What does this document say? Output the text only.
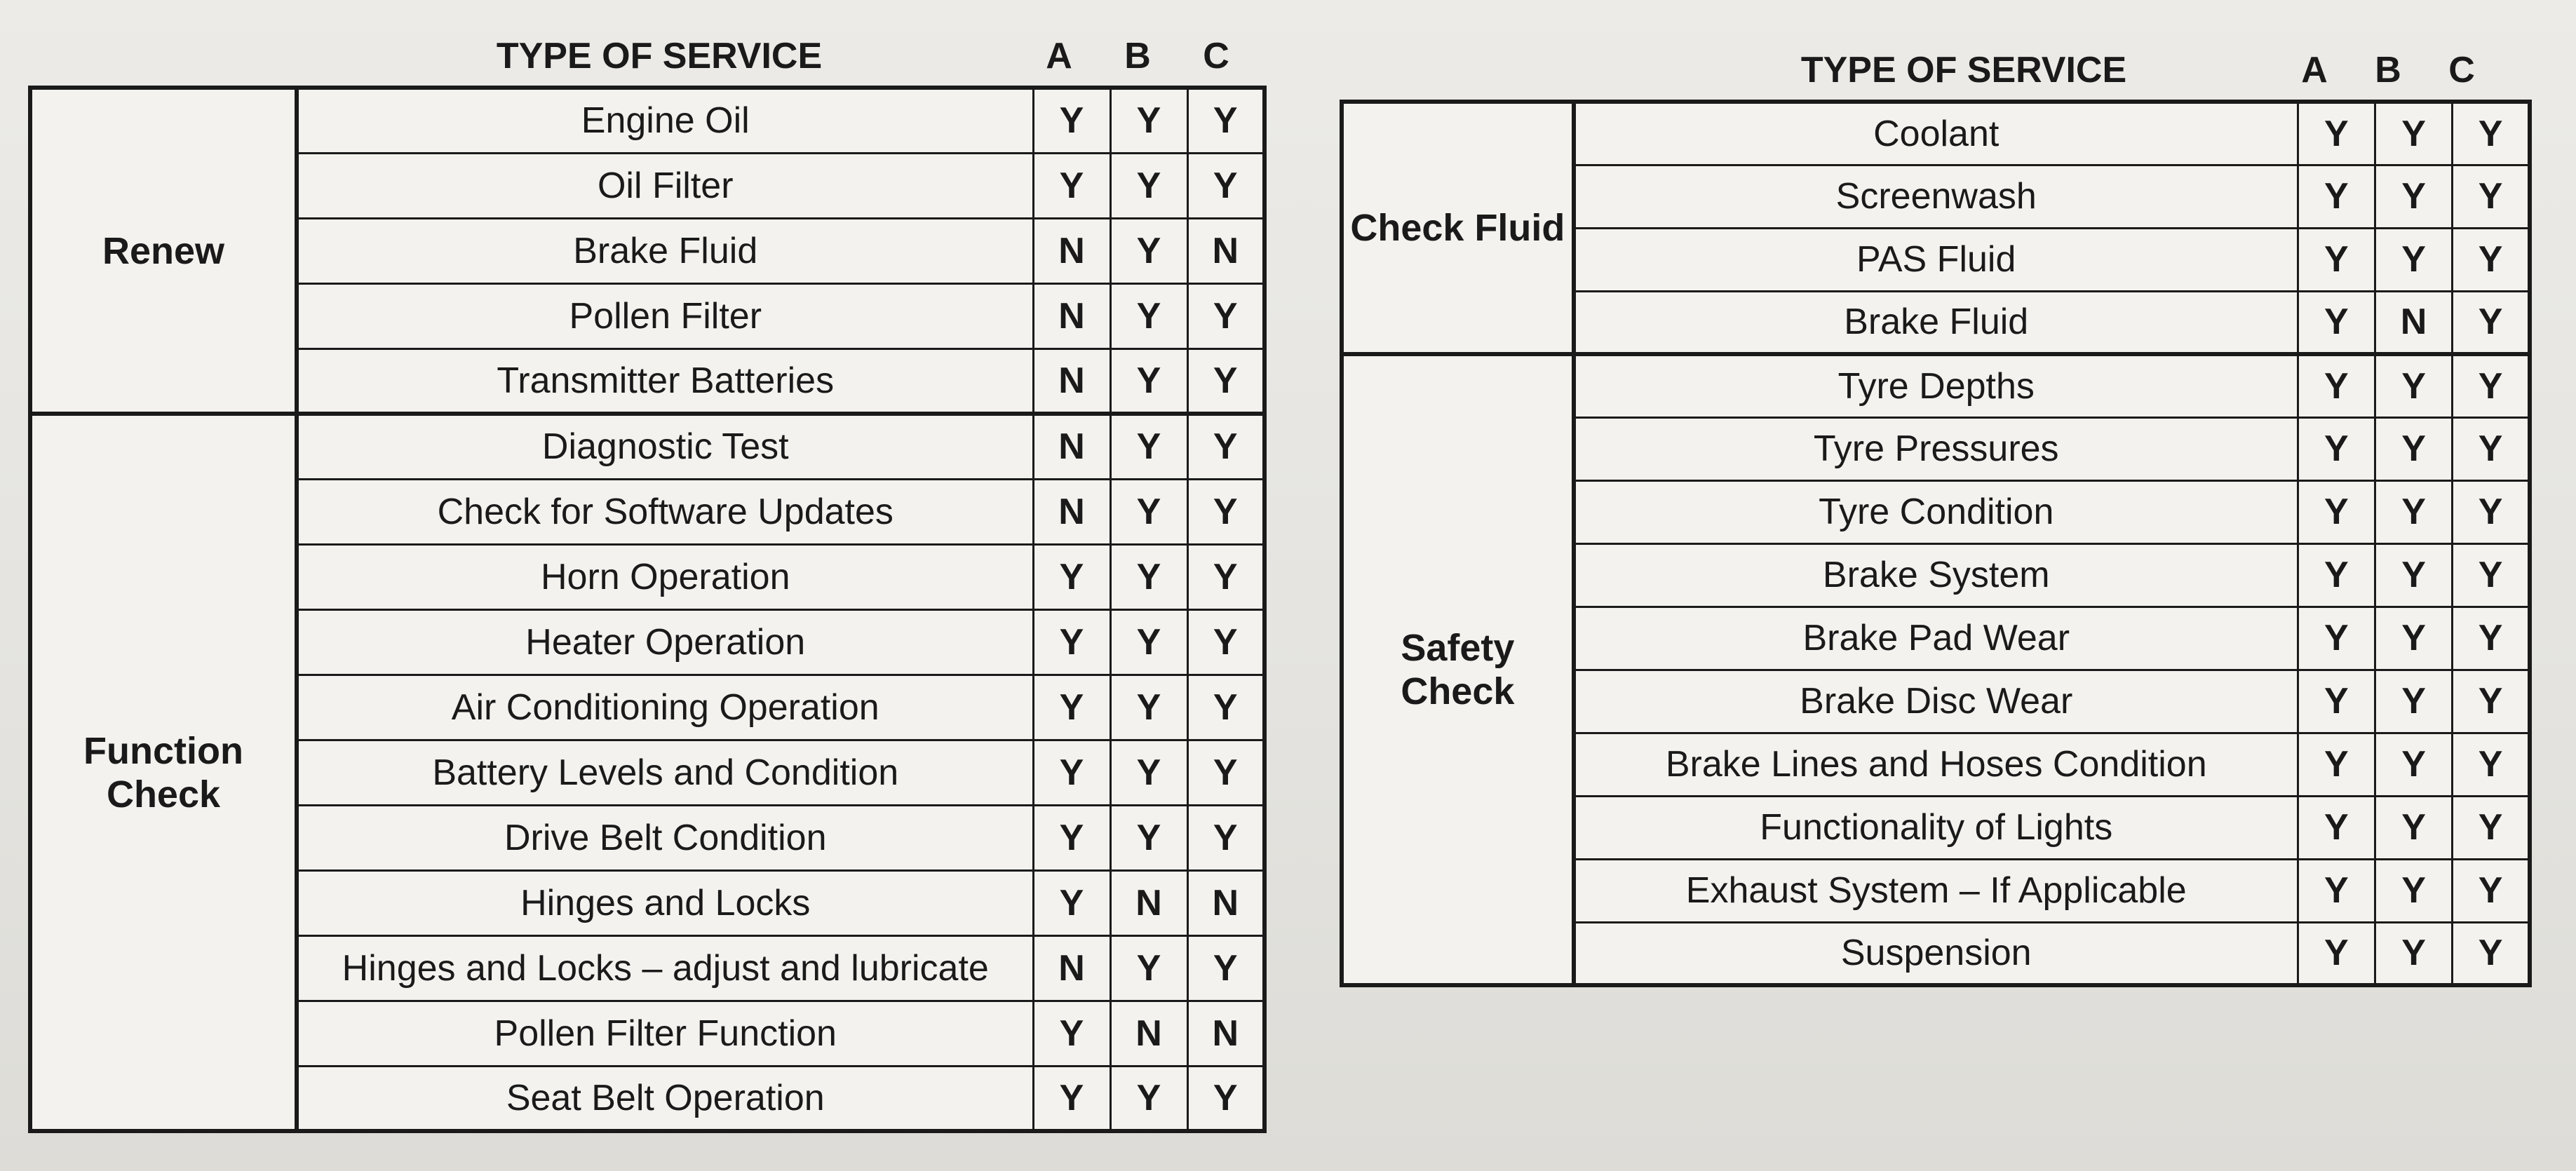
TYPE OF SERVICE	A	B	C
Renew	Engine Oil	Y	Y	Y
	Oil Filter	Y	Y	Y
	Brake Fluid	N	Y	N
	Pollen Filter	N	Y	Y
	Transmitter Batteries	N	Y	Y
Function Check	Diagnostic Test	N	Y	Y
	Check for Software Updates	N	Y	Y
	Horn Operation	Y	Y	Y
	Heater Operation	Y	Y	Y
	Air Conditioning Operation	Y	Y	Y
	Battery Levels and Condition	Y	Y	Y
	Drive Belt Condition	Y	Y	Y
	Hinges and Locks	Y	N	N
	Hinges and Locks – adjust and lubricate	N	Y	Y
	Pollen Filter Function	Y	N	N
	Seat Belt Operation	Y	Y	Y
TYPE OF SERVICE	A	B	C
Check Fluid	Coolant	Y	Y	Y
	Screenwash	Y	Y	Y
	PAS Fluid	Y	Y	Y
	Brake Fluid	Y	N	Y
Safety Check	Tyre Depths	Y	Y	Y
	Tyre Pressures	Y	Y	Y
	Tyre Condition	Y	Y	Y
	Brake System	Y	Y	Y
	Brake Pad Wear	Y	Y	Y
	Brake Disc Wear	Y	Y	Y
	Brake Lines and Hoses Condition	Y	Y	Y
	Functionality of Lights	Y	Y	Y
	Exhaust System – If Applicable	Y	Y	Y
	Suspension	Y	Y	Y
